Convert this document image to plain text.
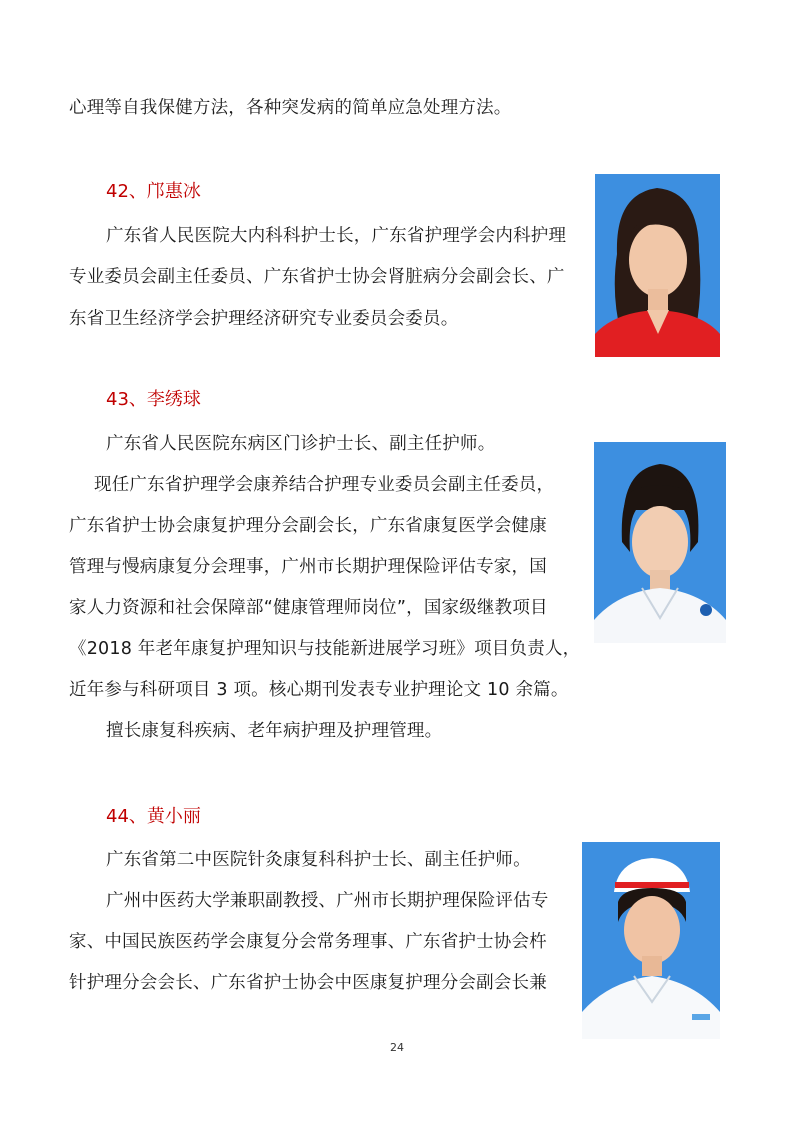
心理等自我保健方法，各种突发病的简单应急处理方法。
42、邝惠冰
广东省人民医院大内科科护士长，广东省护理学会内科护理
专业委员会副主任委员、广东省护士协会肾脏病分会副会长、广
东省卫生经济学会护理经济研究专业委员会委员。
43、李绣球
广东省人民医院东病区门诊护士长、副主任护师。
现任广东省护理学会康养结合护理专业委员会副主任委员，
广东省护士协会康复护理分会副会长，广东省康复医学会健康
管理与慢病康复分会理事，广州市长期护理保险评估专家，国
家人力资源和社会保障部“健康管理师岗位”，国家级继教项目
《2018 年老年康复护理知识与技能新进展学习班》项目负责人，
近年参与科研项目 3 项。核心期刊发表专业护理论文 10 余篇。
擅长康复科疾病、老年病护理及护理管理。
44、黄小丽
广东省第二中医院针灸康复科科护士长、副主任护师。
广州中医药大学兼职副教授、广州市长期护理保险评估专
家、中国民族医药学会康复分会常务理事、广东省护士协会杵
针护理分会会长、广东省护士协会中医康复护理分会副会长兼
24
